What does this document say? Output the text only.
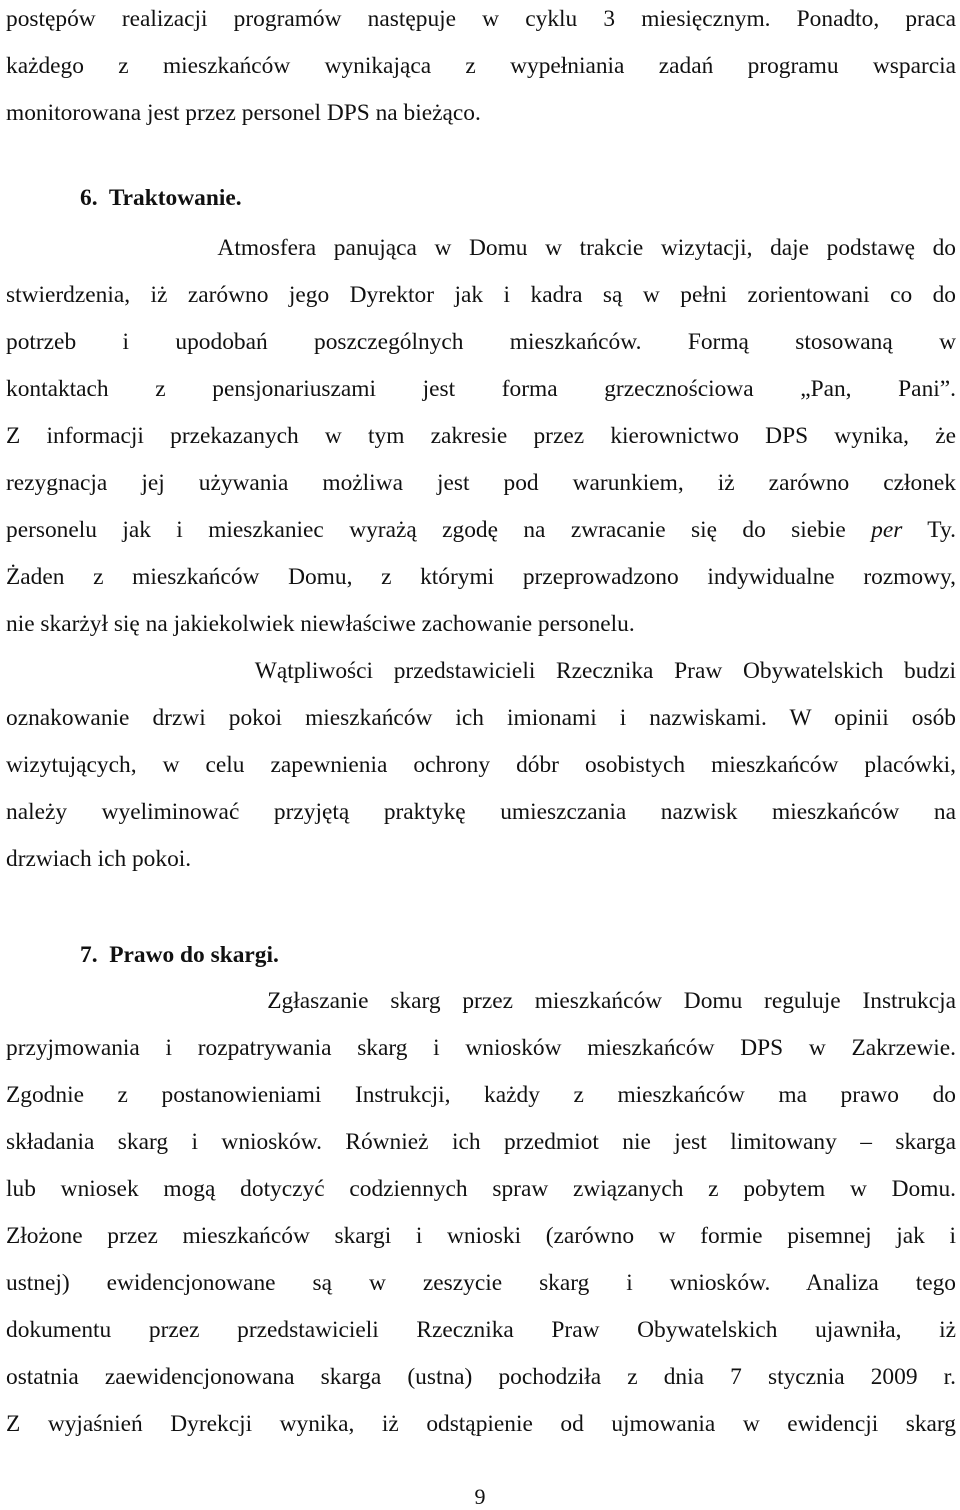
postępów realizacji programów następuje w cyklu 3 miesięcznym. Ponadto, praca
każdego z mieszkańców wynikająca z wypełniania zadań programu wsparcia
monitorowana jest przez personel DPS na bieżąco.
6.  Traktowanie.
Atmosfera panująca w Domu w trakcie wizytacji, daje podstawę do
stwierdzenia, iż zarówno jego Dyrektor jak i kadra są w pełni zorientowani co do
potrzeb i upodobań poszczególnych mieszkańców. Formą stosowaną w
kontaktach z pensjonariuszami jest forma grzecznościowa „Pan, Pani”.
Z informacji przekazanych w tym zakresie przez kierownictwo DPS wynika, że
rezygnacja jej używania możliwa jest pod warunkiem, iż zarówno członek
personelu jak i mieszkaniec wyrażą zgodę na zwracanie się do siebie per Ty.
Żaden z mieszkańców Domu, z którymi przeprowadzono indywidualne rozmowy,
nie skarżył się na jakiekolwiek niewłaściwe zachowanie personelu.
Wątpliwości przedstawicieli Rzecznika Praw Obywatelskich budzi
oznakowanie drzwi pokoi mieszkańców ich imionami i nazwiskami. W opinii osób
wizytujących, w celu zapewnienia ochrony dóbr osobistych mieszkańców placówki,
należy wyeliminować przyjętą praktykę umieszczania nazwisk mieszkańców na
drzwiach ich pokoi.
7.  Prawo do skargi.
Zgłaszanie skarg przez mieszkańców Domu reguluje Instrukcja
przyjmowania i rozpatrywania skarg i wniosków mieszkańców DPS w Zakrzewie.
Zgodnie z postanowieniami Instrukcji, każdy z mieszkańców ma prawo do
składania skarg i wniosków. Również ich przedmiot nie jest limitowany – skarga
lub wniosek mogą dotyczyć codziennych spraw związanych z pobytem w Domu.
Złożone przez mieszkańców skargi i wnioski (zarówno w formie pisemnej jak i
ustnej) ewidencjonowane są w zeszycie skarg i wniosków. Analiza tego
dokumentu przez przedstawicieli Rzecznika Praw Obywatelskich ujawniła, iż
ostatnia zaewidencjonowana skarga (ustna) pochodziła z dnia 7 stycznia 2009 r.
Z wyjaśnień Dyrekcji wynika, iż odstąpienie od ujmowania w ewidencji skarg
9
